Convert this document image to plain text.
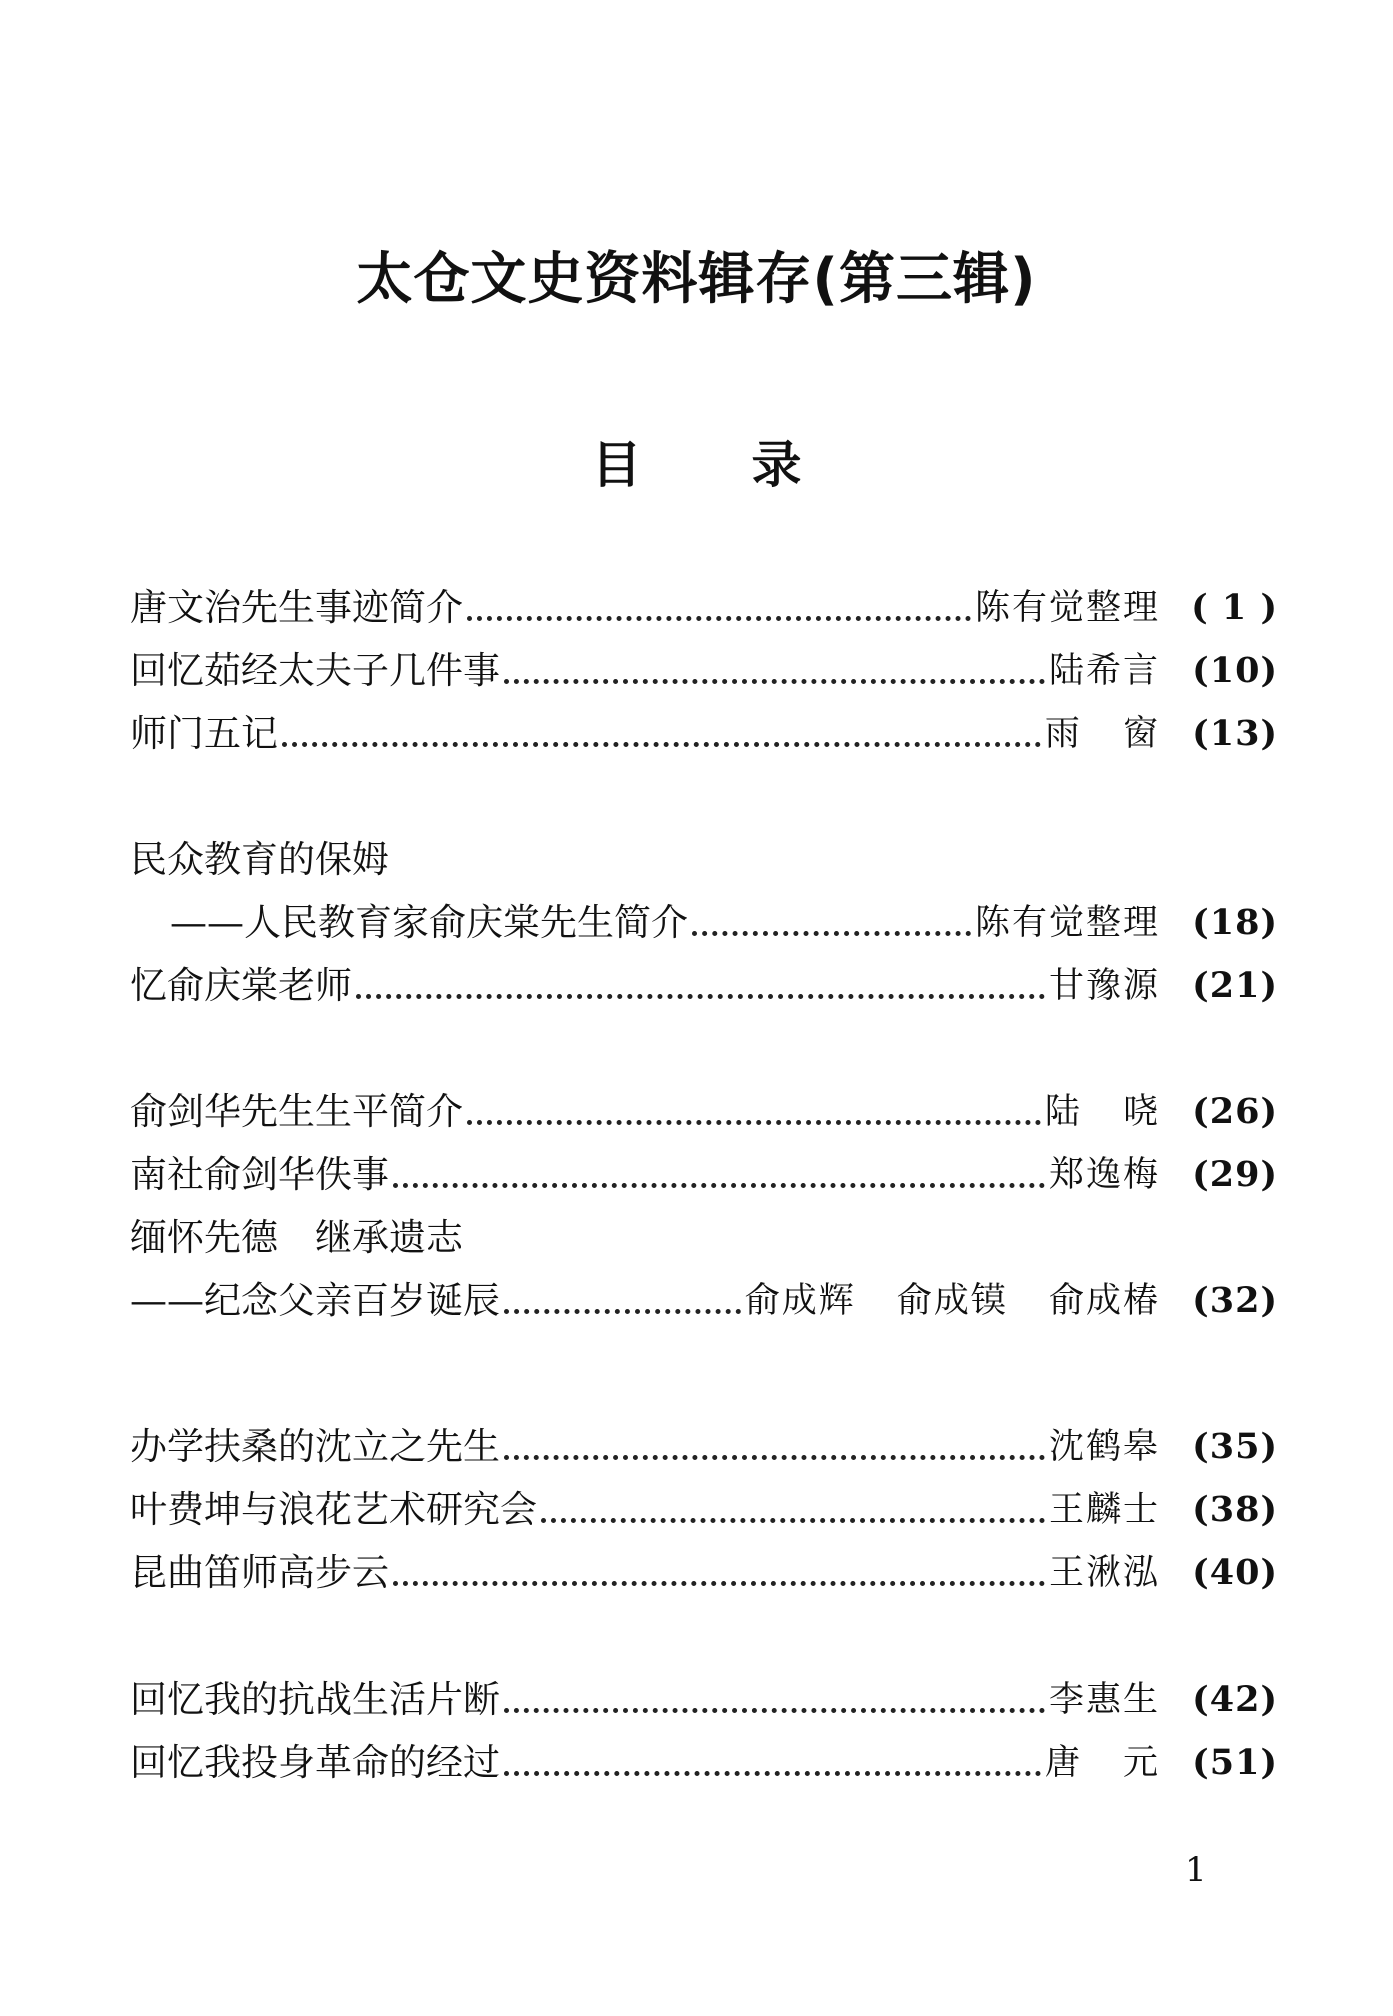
太仓文史资料辑存(第三辑)
目 录
唐文治先生事迹简介	陈有觉整理 ( 1 )
回忆茹经太夫子几件事	陆希言 (10)
师门五记	雨 窗 (13)
民众教育的保姆
——人民教育家俞庆棠先生简介	陈有觉整理 (18)
忆俞庆棠老师	甘豫源 (21)
俞剑华先生生平简介	陆 哓 (26)
南社俞剑华佚事	郑逸梅 (29)
缅怀先德　继承遗志
——纪念父亲百岁诞辰	俞成辉 俞成镆 俞成椿 (32)
办学扶桑的沈立之先生	沈鹤皋 (35)
叶费坤与浪花艺术研究会	王麟士 (38)
昆曲笛师高步云	王湫泓 (40)
回忆我的抗战生活片断	李惠生 (42)
回忆我投身革命的经过	唐 元 (51)
1
